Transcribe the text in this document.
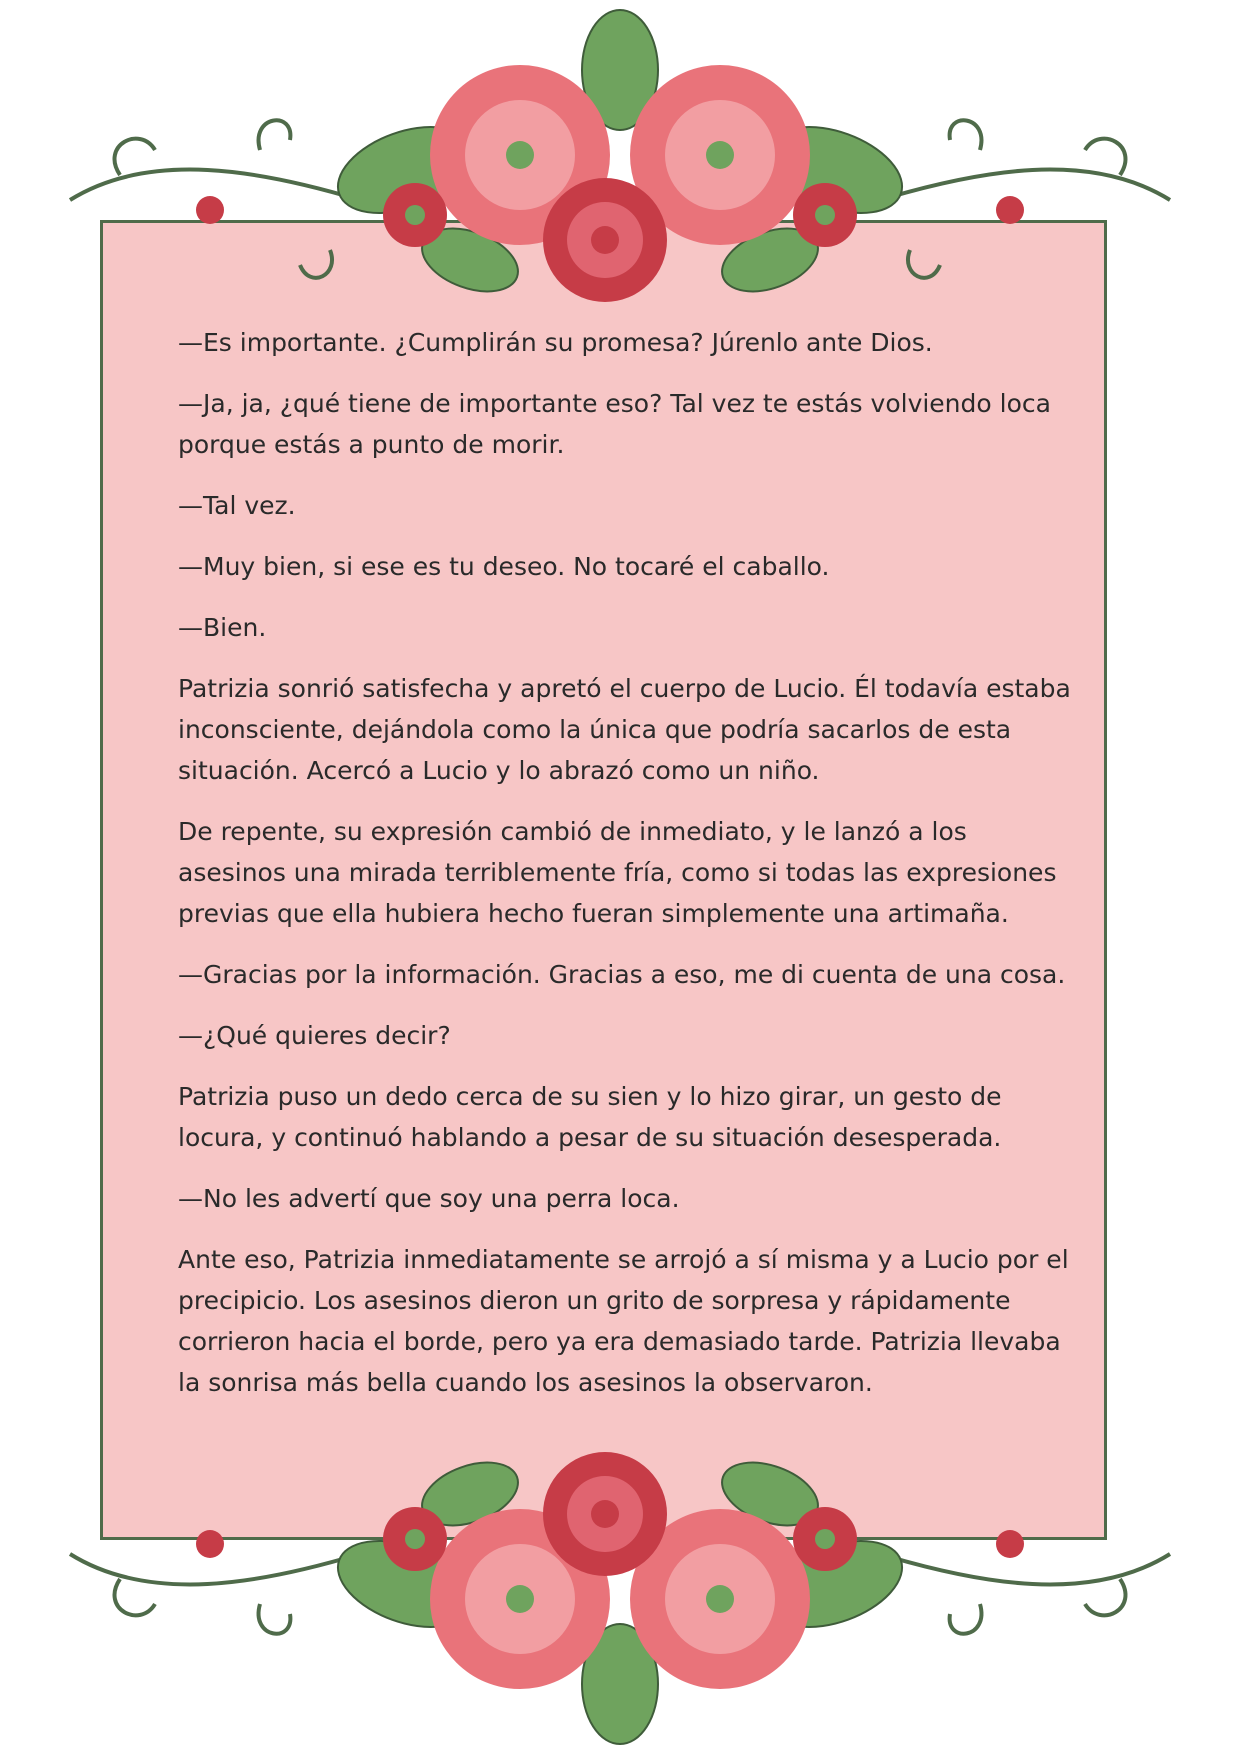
—Es importante. ¿Cumplirán su promesa? Júrenlo ante Dios.

—Ja, ja, ¿qué tiene de importante eso? Tal vez te estás volviendo loca porque estás a punto de morir.

—Tal vez.

—Muy bien, si ese es tu deseo. No tocaré el caballo.

—Bien.

Patrizia sonrió satisfecha y apretó el cuerpo de Lucio. Él todavía estaba inconsciente, dejándola como la única que podría sacarlos de esta situación. Acercó a Lucio y lo abrazó como un niño.

De repente, su expresión cambió de inmediato, y le lanzó a los asesinos una mirada terriblemente fría, como si todas las expresiones previas que ella hubiera hecho fueran simplemente una artimaña.

—Gracias por la información. Gracias a eso, me di cuenta de una cosa.

—¿Qué quieres decir?

Patrizia puso un dedo cerca de su sien y lo hizo girar, un gesto de locura, y continuó hablando a pesar de su situación desesperada.

—No les advertí que soy una perra loca.

Ante eso, Patrizia inmediatamente se arrojó a sí misma y a Lucio por el precipicio. Los asesinos dieron un grito de sorpresa y rápidamente corrieron hacia el borde, pero ya era demasiado tarde. Patrizia llevaba la sonrisa más bella cuando los asesinos la observaron.
